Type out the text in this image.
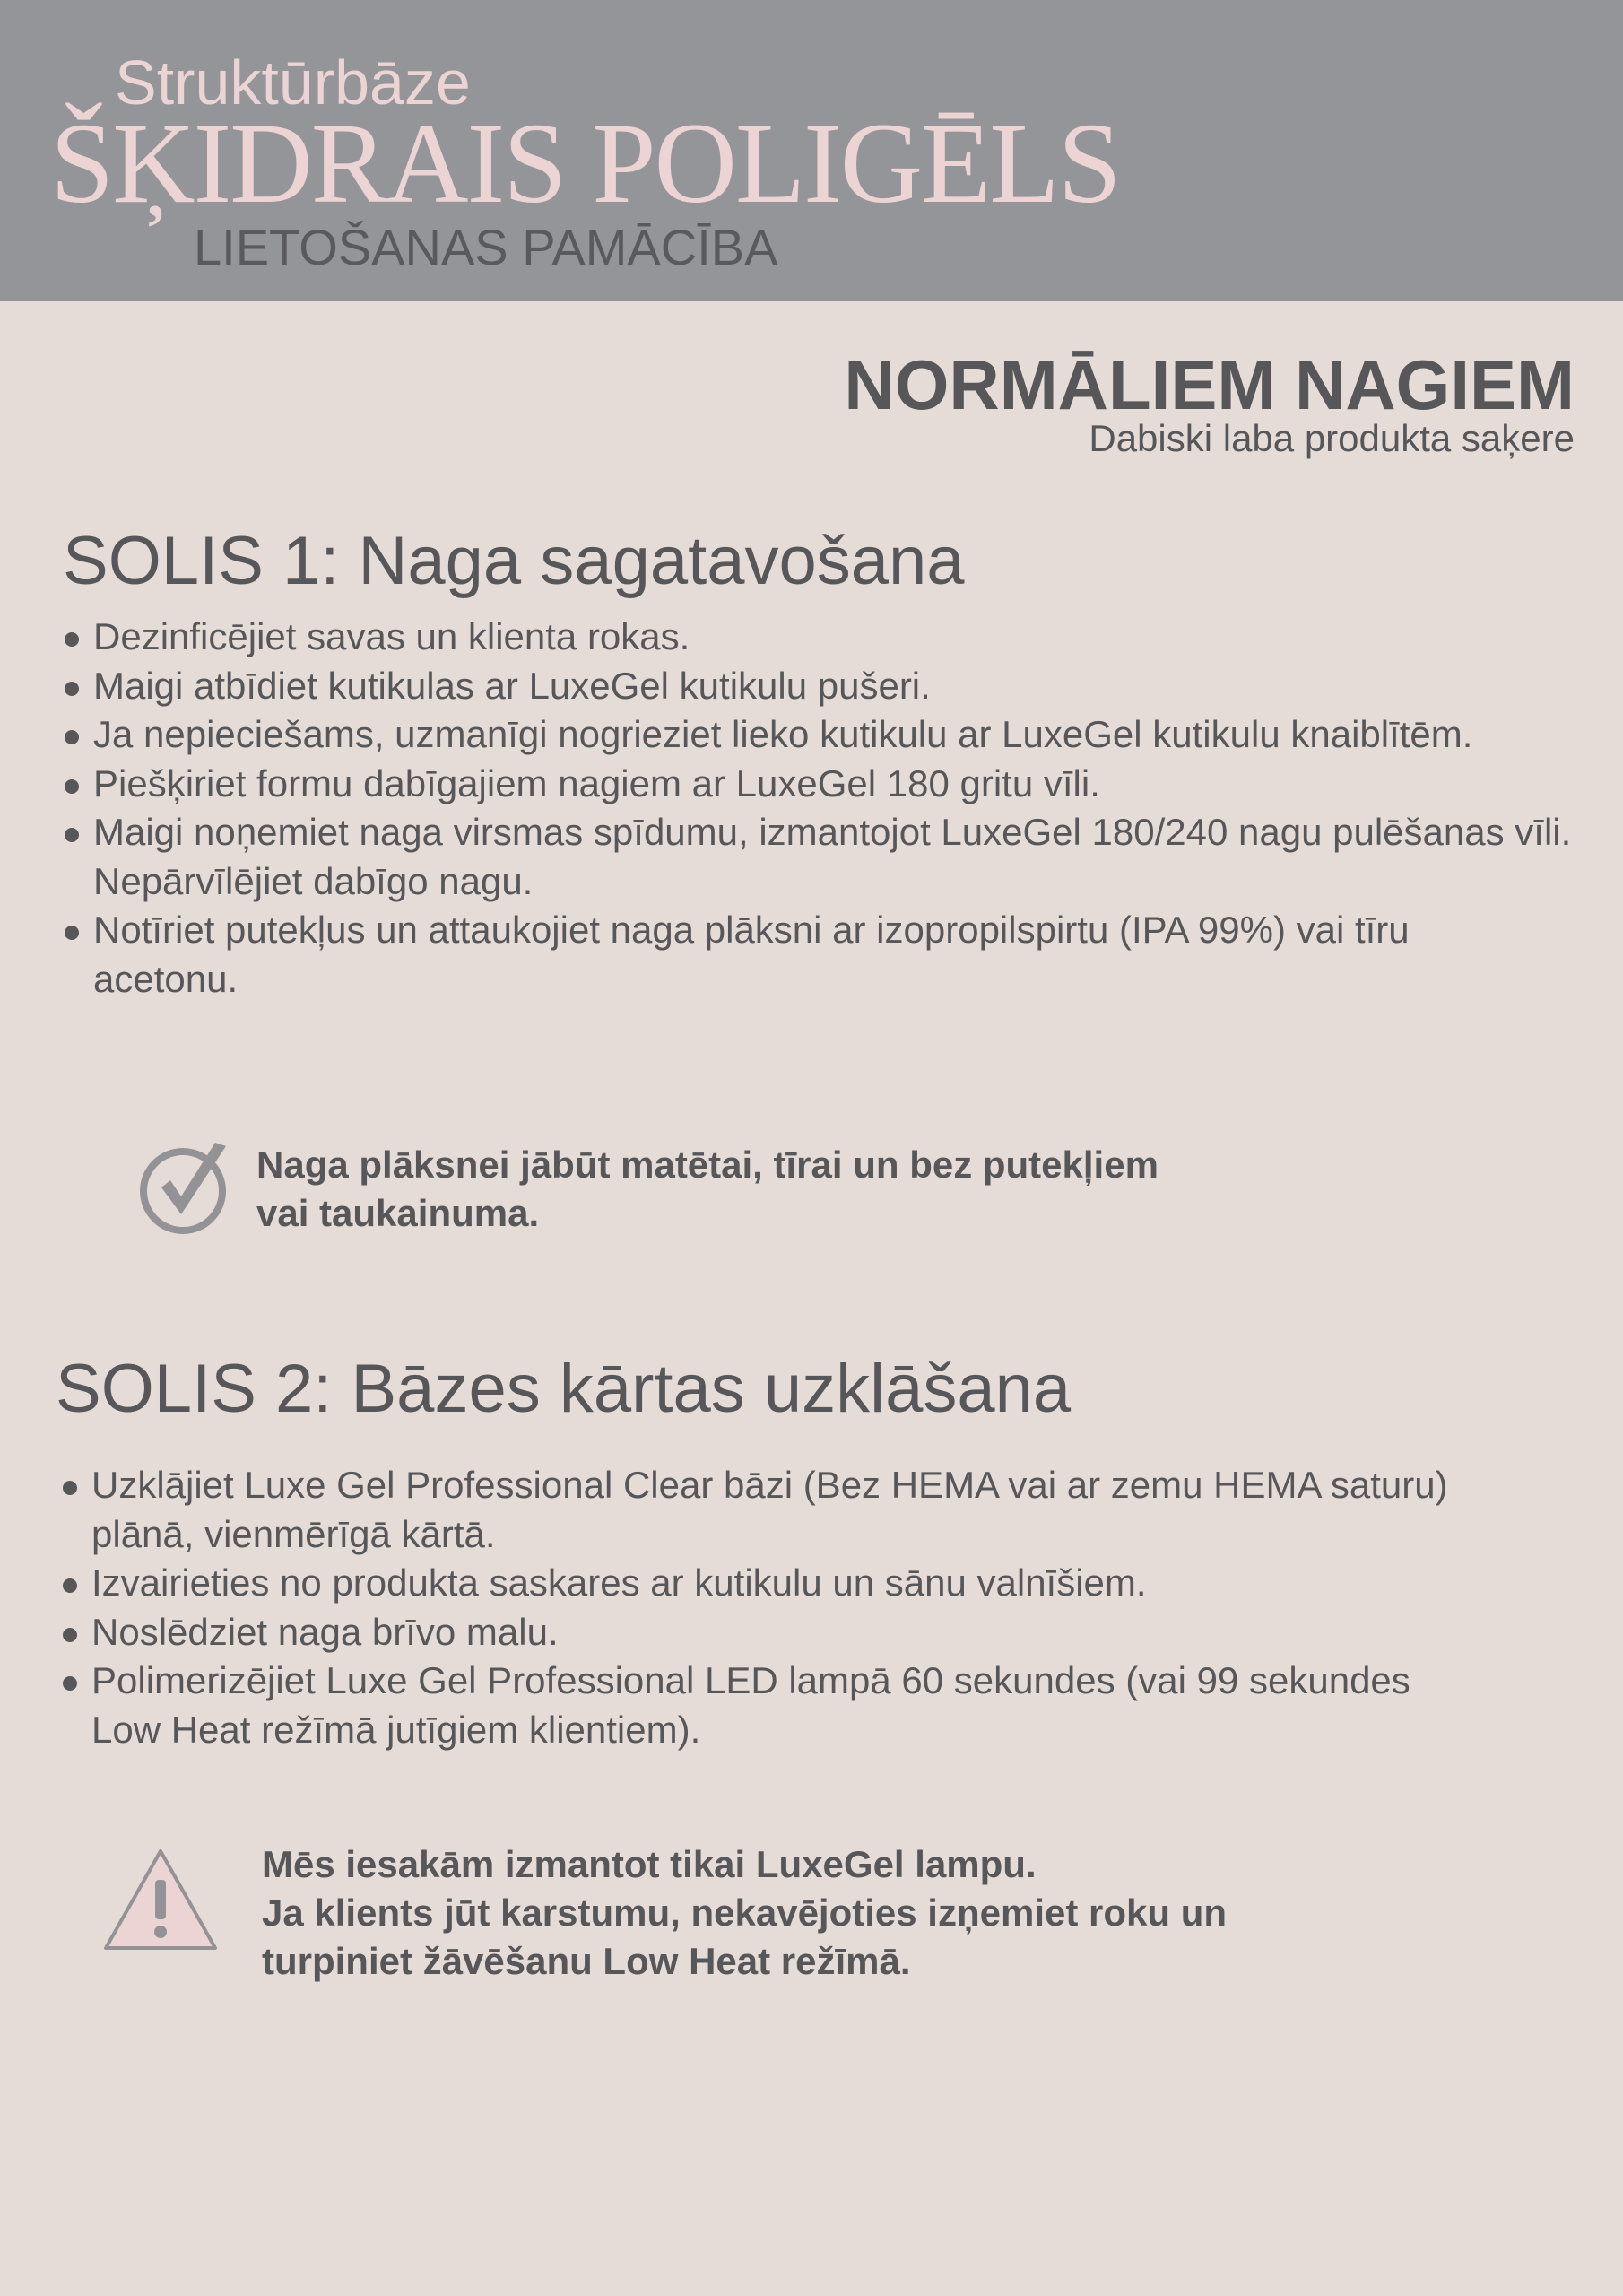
Struktūrbāze
ŠĶIDRAIS POLIGĒLS
LIETOŠANAS PAMĀCĪBA
NORMĀLIEM NAGIEM
Dabiski laba produkta saķere
SOLIS 1: Naga sagatavošana
Dezinficējiet savas un klienta rokas.
Maigi atbīdiet kutikulas ar LuxeGel kutikulu pušeri.
Ja nepieciešams, uzmanīgi nogrieziet lieko kutikulu ar LuxeGel kutikulu knaiblītēm.
Piešķiriet formu dabīgajiem nagiem ar LuxeGel 180 gritu vīli.
Maigi noņemiet naga virsmas spīdumu, izmantojot LuxeGel 180/240 nagu pulēšanas vīli. Nepārvīlējiet dabīgo nagu.
Notīriet putekļus un attaukojiet naga plāksni ar izopropilspirtu (IPA 99%) vai tīru acetonu.
Naga plāksnei jābūt matētai, tīrai un bez putekļiem
vai taukainuma.
SOLIS 2: Bāzes kārtas uzklāšana
Uzklājiet Luxe Gel Professional Clear bāzi (Bez HEMA vai ar zemu HEMA saturu) plānā, vienmērīgā kārtā.
Izvairieties no produkta saskares ar kutikulu un sānu valnīšiem.
Noslēdziet naga brīvo malu.
Polimerizējiet Luxe Gel Professional LED lampā 60 sekundes (vai 99 sekundes Low Heat režīmā jutīgiem klientiem).
Mēs iesakām izmantot tikai LuxeGel lampu.
Ja klients jūt karstumu, nekavējoties izņemiet roku un
turpiniet žāvēšanu Low Heat režīmā.
